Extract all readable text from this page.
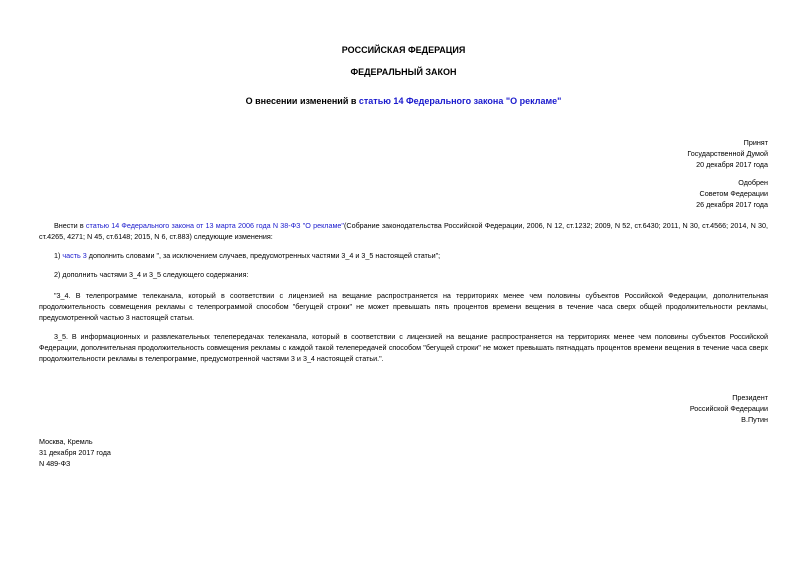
РОССИЙСКАЯ ФЕДЕРАЦИЯ
ФЕДЕРАЛЬНЫЙ ЗАКОН
О внесении изменений в статью 14 Федерального закона "О рекламе"
Принят
Государственной Думой
20 декабря 2017 года
Одобрен
Советом Федерации
26 декабря 2017 года
Внести в статью 14 Федерального закона от 13 марта 2006 года N 38-ФЗ "О рекламе"(Собрание законодательства Российской Федерации, 2006, N 12, ст.1232; 2009, N 52, ст.6430; 2011, N 30, ст.4566; 2014, N 30, ст.4265, 4271; N 45, ст.6148; 2015, N 6, ст.883) следующие изменения:
1) часть 3 дополнить словами ", за исключением случаев, предусмотренных частями 3_4 и 3_5 настоящей статьи";
2) дополнить частями 3_4 и 3_5 следующего содержания:
"3_4. В телепрограмме телеканала, который в соответствии с лицензией на вещание распространяется на территориях менее чем половины субъектов Российской Федерации, дополнительная продолжительность совмещения рекламы с телепрограммой способом "бегущей строки" не может превышать пять процентов времени вещения в течение часа сверх общей продолжительности рекламы, предусмотренной частью 3 настоящей статьи.
3_5. В информационных и развлекательных телепередачах телеканала, который в соответствии с лицензией на вещание распространяется на территориях менее чем половины субъектов Российской Федерации, дополнительная продолжительность совмещения рекламы с каждой такой телепередачей способом "бегущей строки" не может превышать пятнадцать процентов времени вещения в течение часа сверх продолжительности рекламы в телепрограмме, предусмотренной частями 3 и 3_4 настоящей статьи.".
Президент
Российской Федерации
В.Путин
Москва, Кремль
31 декабря 2017 года
N 489-ФЗ
